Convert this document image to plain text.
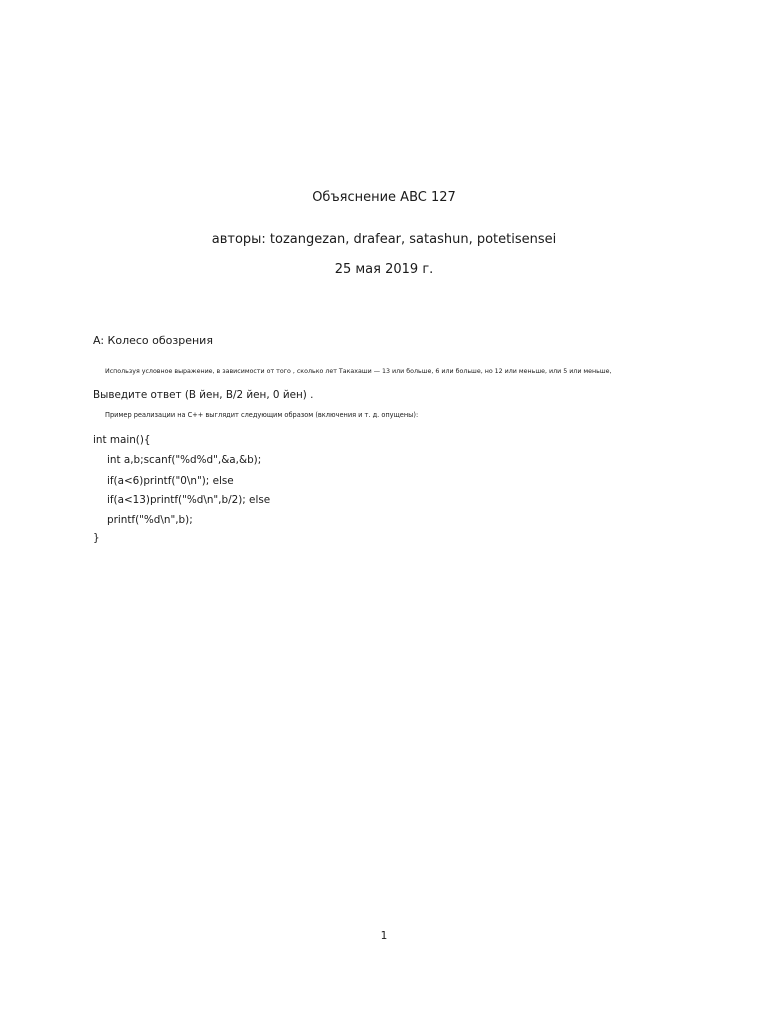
Объяснение ABC 127
авторы: tozangezan, drafear, satashun, potetisensei
25 мая 2019 г.
A: Колесо обозрения
Используя условное выражение, в зависимости от того , сколько лет Такахаши — 13 или больше, 6 или больше, но 12 или меньше, или 5 или меньше,
Выведите ответ (B йен, B/2 йен, 0 йен) .
Пример реализации на C++ выглядит следующим образом (включения и т. д. опущены):
int main(){
int a,b;scanf("%d%d",&a,&b);
if(a<6)printf("0\n"); else
if(a<13)printf("%d\n",b/2); else
printf("%d\n",b);
}
1
